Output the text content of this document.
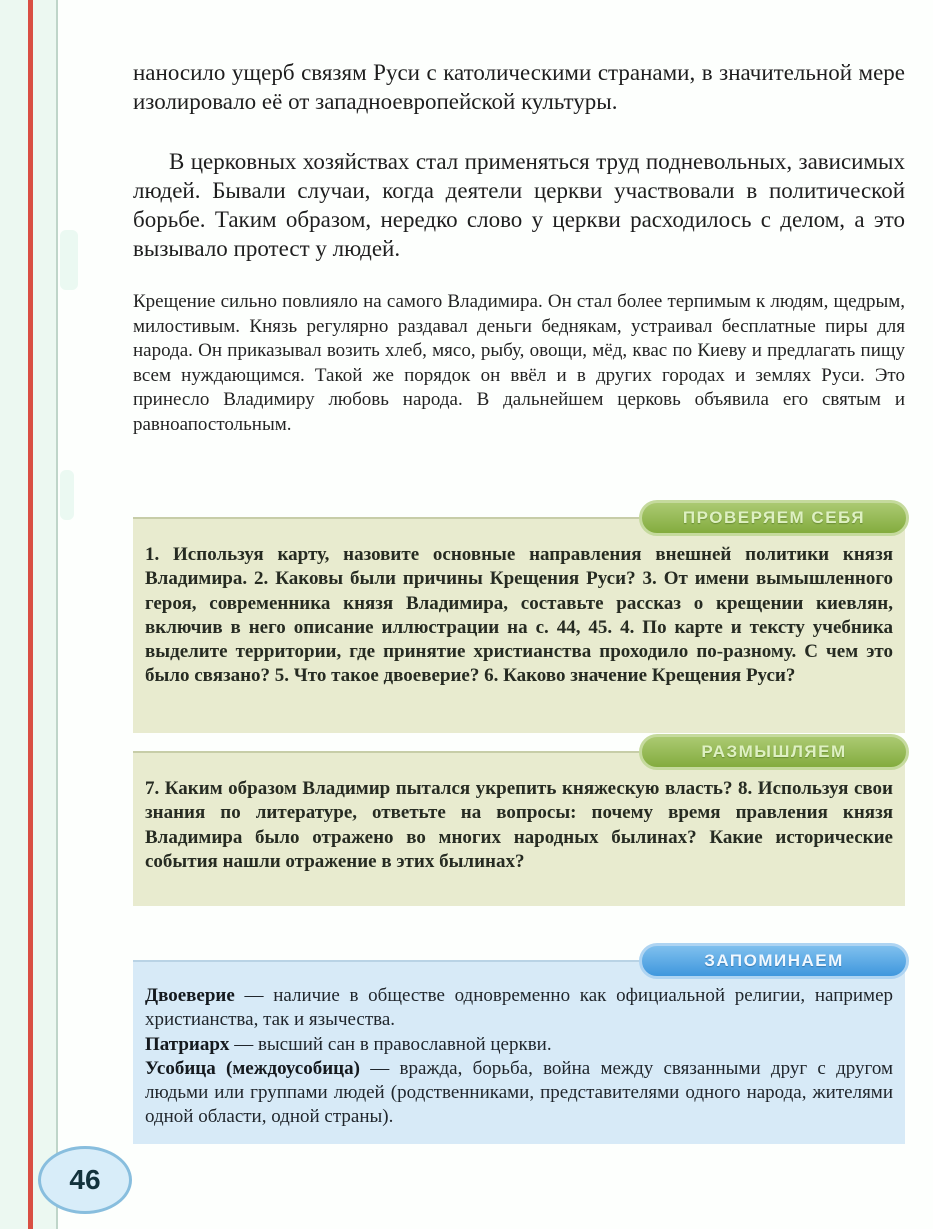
наносило ущерб связям Руси с католическими странами, в значительной мере изолировало её от западноевропейской культуры.
В церковных хозяйствах стал применяться труд подневольных, зависимых людей. Бывали случаи, когда деятели церкви участвовали в политической борьбе. Таким образом, нередко слово у церкви расходилось с делом, а это вызывало протест у людей.
Крещение сильно повлияло на самого Владимира. Он стал более терпимым к людям, щедрым, милостивым. Князь регулярно раздавал деньги беднякам, устраивал бесплатные пиры для народа. Он приказывал возить хлеб, мясо, рыбу, овощи, мёд, квас по Киеву и предлагать пищу всем нуждающимся. Такой же порядок он ввёл и в других городах и землях Руси. Это принесло Владимиру любовь народа. В дальнейшем церковь объявила его святым и равноапостольным.
ПРОВЕРЯЕМ СЕБЯ
1. Используя карту, назовите основные направления внешней политики князя Владимира. 2. Каковы были причины Крещения Руси? 3. От имени вымышленного героя, современника князя Владимира, составьте рассказ о крещении киевлян, включив в него описание иллюстрации на с. 44, 45. 4. По карте и тексту учебника выделите территории, где принятие христианства проходило по-разному. С чем это было связано? 5. Что такое двоеверие? 6. Каково значение Крещения Руси?
РАЗМЫШЛЯЕМ
7. Каким образом Владимир пытался укрепить княжескую власть? 8. Используя свои знания по литературе, ответьте на вопросы: почему время правления князя Владимира было отражено во многих народных былинах? Какие исторические события нашли отражение в этих былинах?
ЗАПОМИНАЕМ
Двоеверие — наличие в обществе одновременно как официальной религии, например христианства, так и язычества.
Патриарх — высший сан в православной церкви.
Усобица (междоусобица) — вражда, борьба, война между связанными друг с другом людьми или группами людей (родственниками, представителями одного народа, жителями одной области, одной страны).
46
